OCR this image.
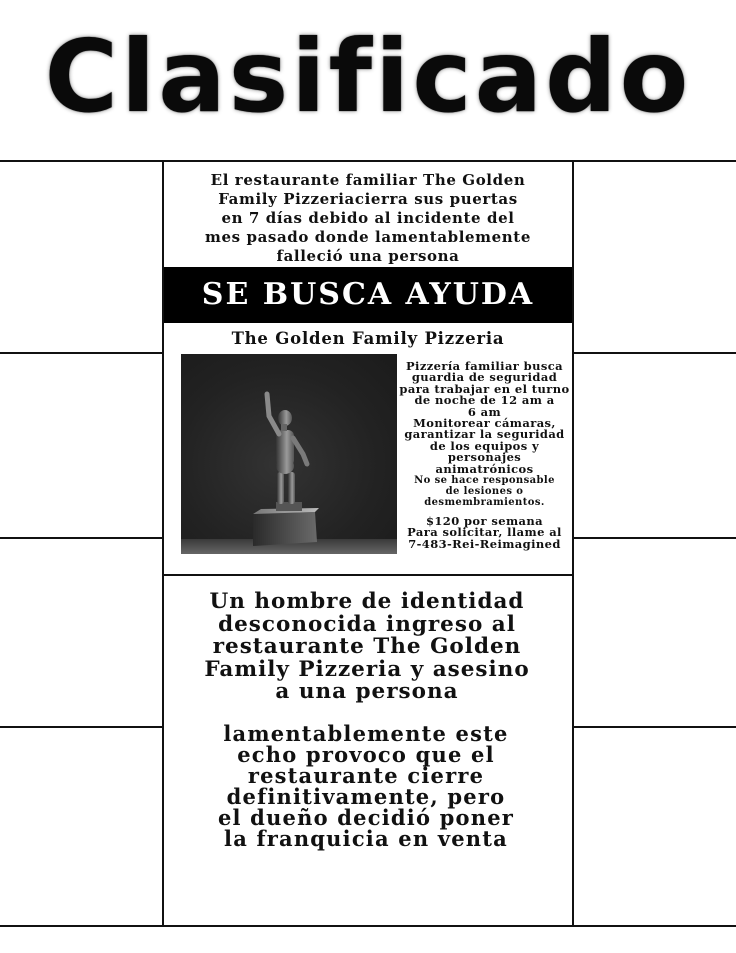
Clasificado
El restaurante familiar The Golden
Family Pizzeriacierra sus puertas
en 7 días debido al incidente del
mes pasado donde lamentablemente
falleció una persona
SE BUSCA AYUDA
The Golden Family Pizzeria
Pizzería familiar busca
guardia de seguridad
para trabajar en el turno
de noche de 12 am a
6 am
Monitorear cámaras,
garantizar la seguridad
de los equipos y
personajes
animatrónicos
No se hace responsable
de lesiones o
desmembramientos.
$120 por semana
Para solicitar, llame al
7-483-Rei-Reimagined
Un hombre de identidad
desconocida ingreso al
restaurante The Golden
Family Pizzeria y asesino
a una persona
lamentablemente este
echo provoco que el
restaurante cierre
definitivamente, pero
el dueño decidió poner
la franquicia en venta
